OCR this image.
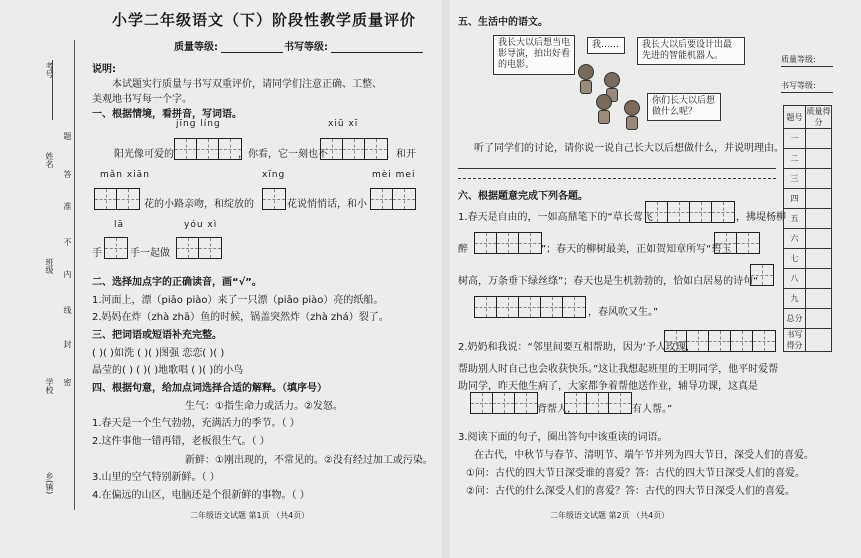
考号
姓名
班级
学校
乡(镇)
题
答
准
不
内
线
封
密
小学二年级语文（下）阶段性教学质量评价
质量等级:	书写等级:
说明:
本试题实行质量与书写双重评价，请同学们注意正确、工整、
美观地书写每一个字。
一、根据情境，看拼音，写词语。
jīng líng
阳光像可爱的	，你看，它一刻也不
xiū xī
，和开
mǎn xiān
花的小路亲吻，和绽放的
xīng
花说悄悄话，和小
mèi mei
lā
手	手一起做
yóu xì
二、选择加点字的正确读音，画“√”。
1.河面上，漂（piāo piào）来了一只漂（piāo piào）亮的纸船。
2.妈妈在炸（zhà zhā）鱼的时候，锅盖突然炸（zhà zhá）裂了。
三、把词语或短语补充完整。
( )( )如洗 ( )( )图强 恋恋( )( )
晶莹的( ) ( )( )地歌唱 ( )( )的小鸟
四、根据句意，给加点词选择合适的解释。（填序号）
生气：①指生命力或活力。②发怒。
1.春天是一个生气勃勃，充满活力的季节。（ ）
2.这件事他一错再错，老板很生气。（ ）
新鲜：①刚出现的，不常见的。②没有经过加工或污染。
3.山里的空气特别新鲜。（ ）
4.在偏远的山区，电脑还是个很新鲜的事物。（ ）
二年级语文试题 第1页 （共4页）
五、生活中的语文。
我长大以后想当电影导演，拍出好看的电影。
我……	我长大以后要设计出最先进的智能机器人。
你们长大以后想做什么呢？
听了同学们的讨论，请你说一说自己长大以后想做什么，并说明理由。
六、根据题意完成下列各题。
1.春天是自由的，一如高鼎笔下的“草长莺飞	，拂堤杨柳
醉	”；春天的柳树最美，正如贺知章所写“碧玉
树高，万条垂下绿丝绦”；春天也是生机勃勃的，恰如白居易的诗句“
，春风吹又生。”
2.奶奶和我说：“邻里间要互相帮助，因为‘予人玫瑰，
帮助别人时自己也会收获快乐。”这让我想起班里的王明同学，他平时爱帮
助同学，昨天他生病了，大家都争着帮他送作业，辅导功课，这真是
背帮人，	有人帮。”
3.阅读下面的句子，圈出答句中该重读的词语。
在古代，中秋节与春节、清明节、端午节并列为四大节日，深受人们的喜爱。
①问：古代的四大节日深受谁的喜爱？答：古代的四大节日深受人们的喜爱。
②问：古代的什么深受人们的喜爱？答：古代的四大节日深受人们的喜爱。
二年级语文试题 第2页 （共4页）
质量等级:
书写等级:
题号	质量得分
一	
二	
三	
四	
五	
六	
七	
八	
九	
总分	
书写得分	
